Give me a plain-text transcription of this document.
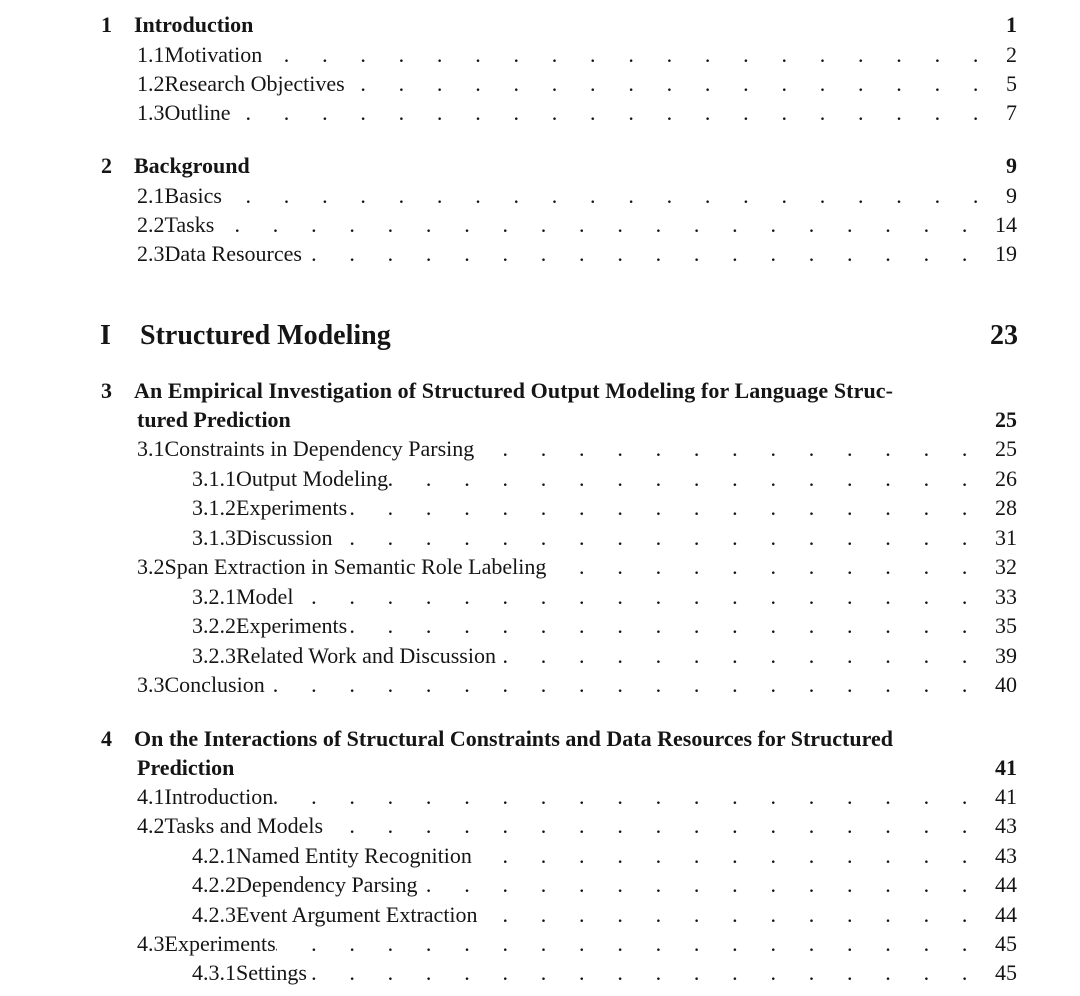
1	Introduction	1
1.1 Motivation . . .	2
1.2 Research Objectives . . .	5
1.3 Outline . . .	7
2	Background	9
2.1 Basics . . .	9
2.2 Tasks . . .	14
2.3 Data Resources . . .	19
I	Structured Modeling	23
3	An Empirical Investigation of Structured Output Modeling for Language Struc-
tured Prediction	25
3.1 Constraints in Dependency Parsing . . .	25
3.1.1 Output Modeling . . .	26
3.1.2 Experiments . . .	28
3.1.3 Discussion . . .	31
3.2 Span Extraction in Semantic Role Labeling . . .	32
3.2.1 Model . . .	33
3.2.2 Experiments . . .	35
3.2.3 Related Work and Discussion . . .	39
3.3 Conclusion . . .	40
4	On the Interactions of Structural Constraints and Data Resources for Structured
Prediction	41
4.1 Introduction . . .	41
4.2 Tasks and Models . . .	43
4.2.1 Named Entity Recognition . . .	43
4.2.2 Dependency Parsing . . .	44
4.2.3 Event Argument Extraction . . .	44
4.3 Experiments . . .	45
4.3.1 Settings . . .	45
